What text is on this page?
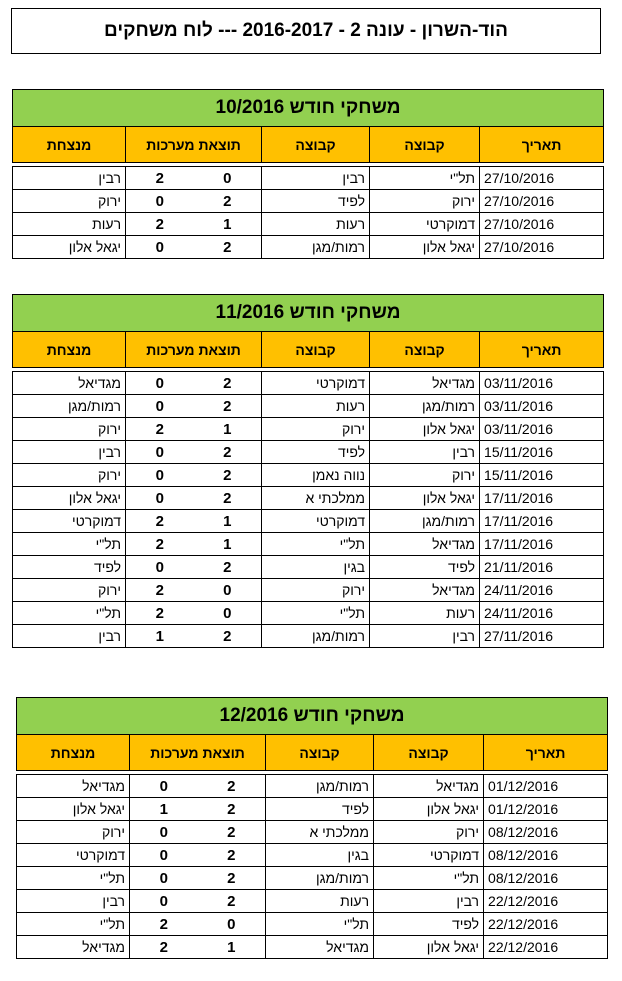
הוד-השרון - עונה 2 - 2016-2017 --- לוח משחקים
משחקי חודש 10/2016					
תאריך	קבוצה	קבוצה	תוצאת מערכות		מנצחת

27/10/2016	תל"י	רבין	0	2	רבין
27/10/2016	ירוק	לפיד	2	0	ירוק
27/10/2016	דמוקרטי	רעות	1	2	רעות
27/10/2016	יגאל אלון	רמות/מגן	2	0	יגאל אלון
משחקי חודש 11/2016					
תאריך	קבוצה	קבוצה	תוצאת מערכות		מנצחת

03/11/2016	מגדיאל	דמוקרטי	2	0	מגדיאל
03/11/2016	רמות/מגן	רעות	2	0	רמות/מגן
03/11/2016	יגאל אלון	ירוק	1	2	ירוק
15/11/2016	רבין	לפיד	2	0	רבין
15/11/2016	ירוק	נווה נאמן	2	0	ירוק
17/11/2016	יגאל אלון	ממלכתי א	2	0	יגאל אלון
17/11/2016	רמות/מגן	דמוקרטי	1	2	דמוקרטי
17/11/2016	מגדיאל	תל"י	1	2	תל"י
21/11/2016	לפיד	בגין	2	0	לפיד
24/11/2016	מגדיאל	ירוק	0	2	ירוק
24/11/2016	רעות	תל"י	0	2	תל"י
27/11/2016	רבין	רמות/מגן	2	1	רבין
משחקי חודש 12/2016					
תאריך	קבוצה	קבוצה	תוצאת מערכות		מנצחת

01/12/2016	מגדיאל	רמות/מגן	2	0	מגדיאל
01/12/2016	יגאל אלון	לפיד	2	1	יגאל אלון
08/12/2016	ירוק	ממלכתי א	2	0	ירוק
08/12/2016	דמוקרטי	בגין	2	0	דמוקרטי
08/12/2016	תל"י	רמות/מגן	2	0	תל"י
22/12/2016	רבין	רעות	2	0	רבין
22/12/2016	לפיד	תל"י	0	2	תל"י
22/12/2016	יגאל אלון	מגדיאל	1	2	מגדיאל
